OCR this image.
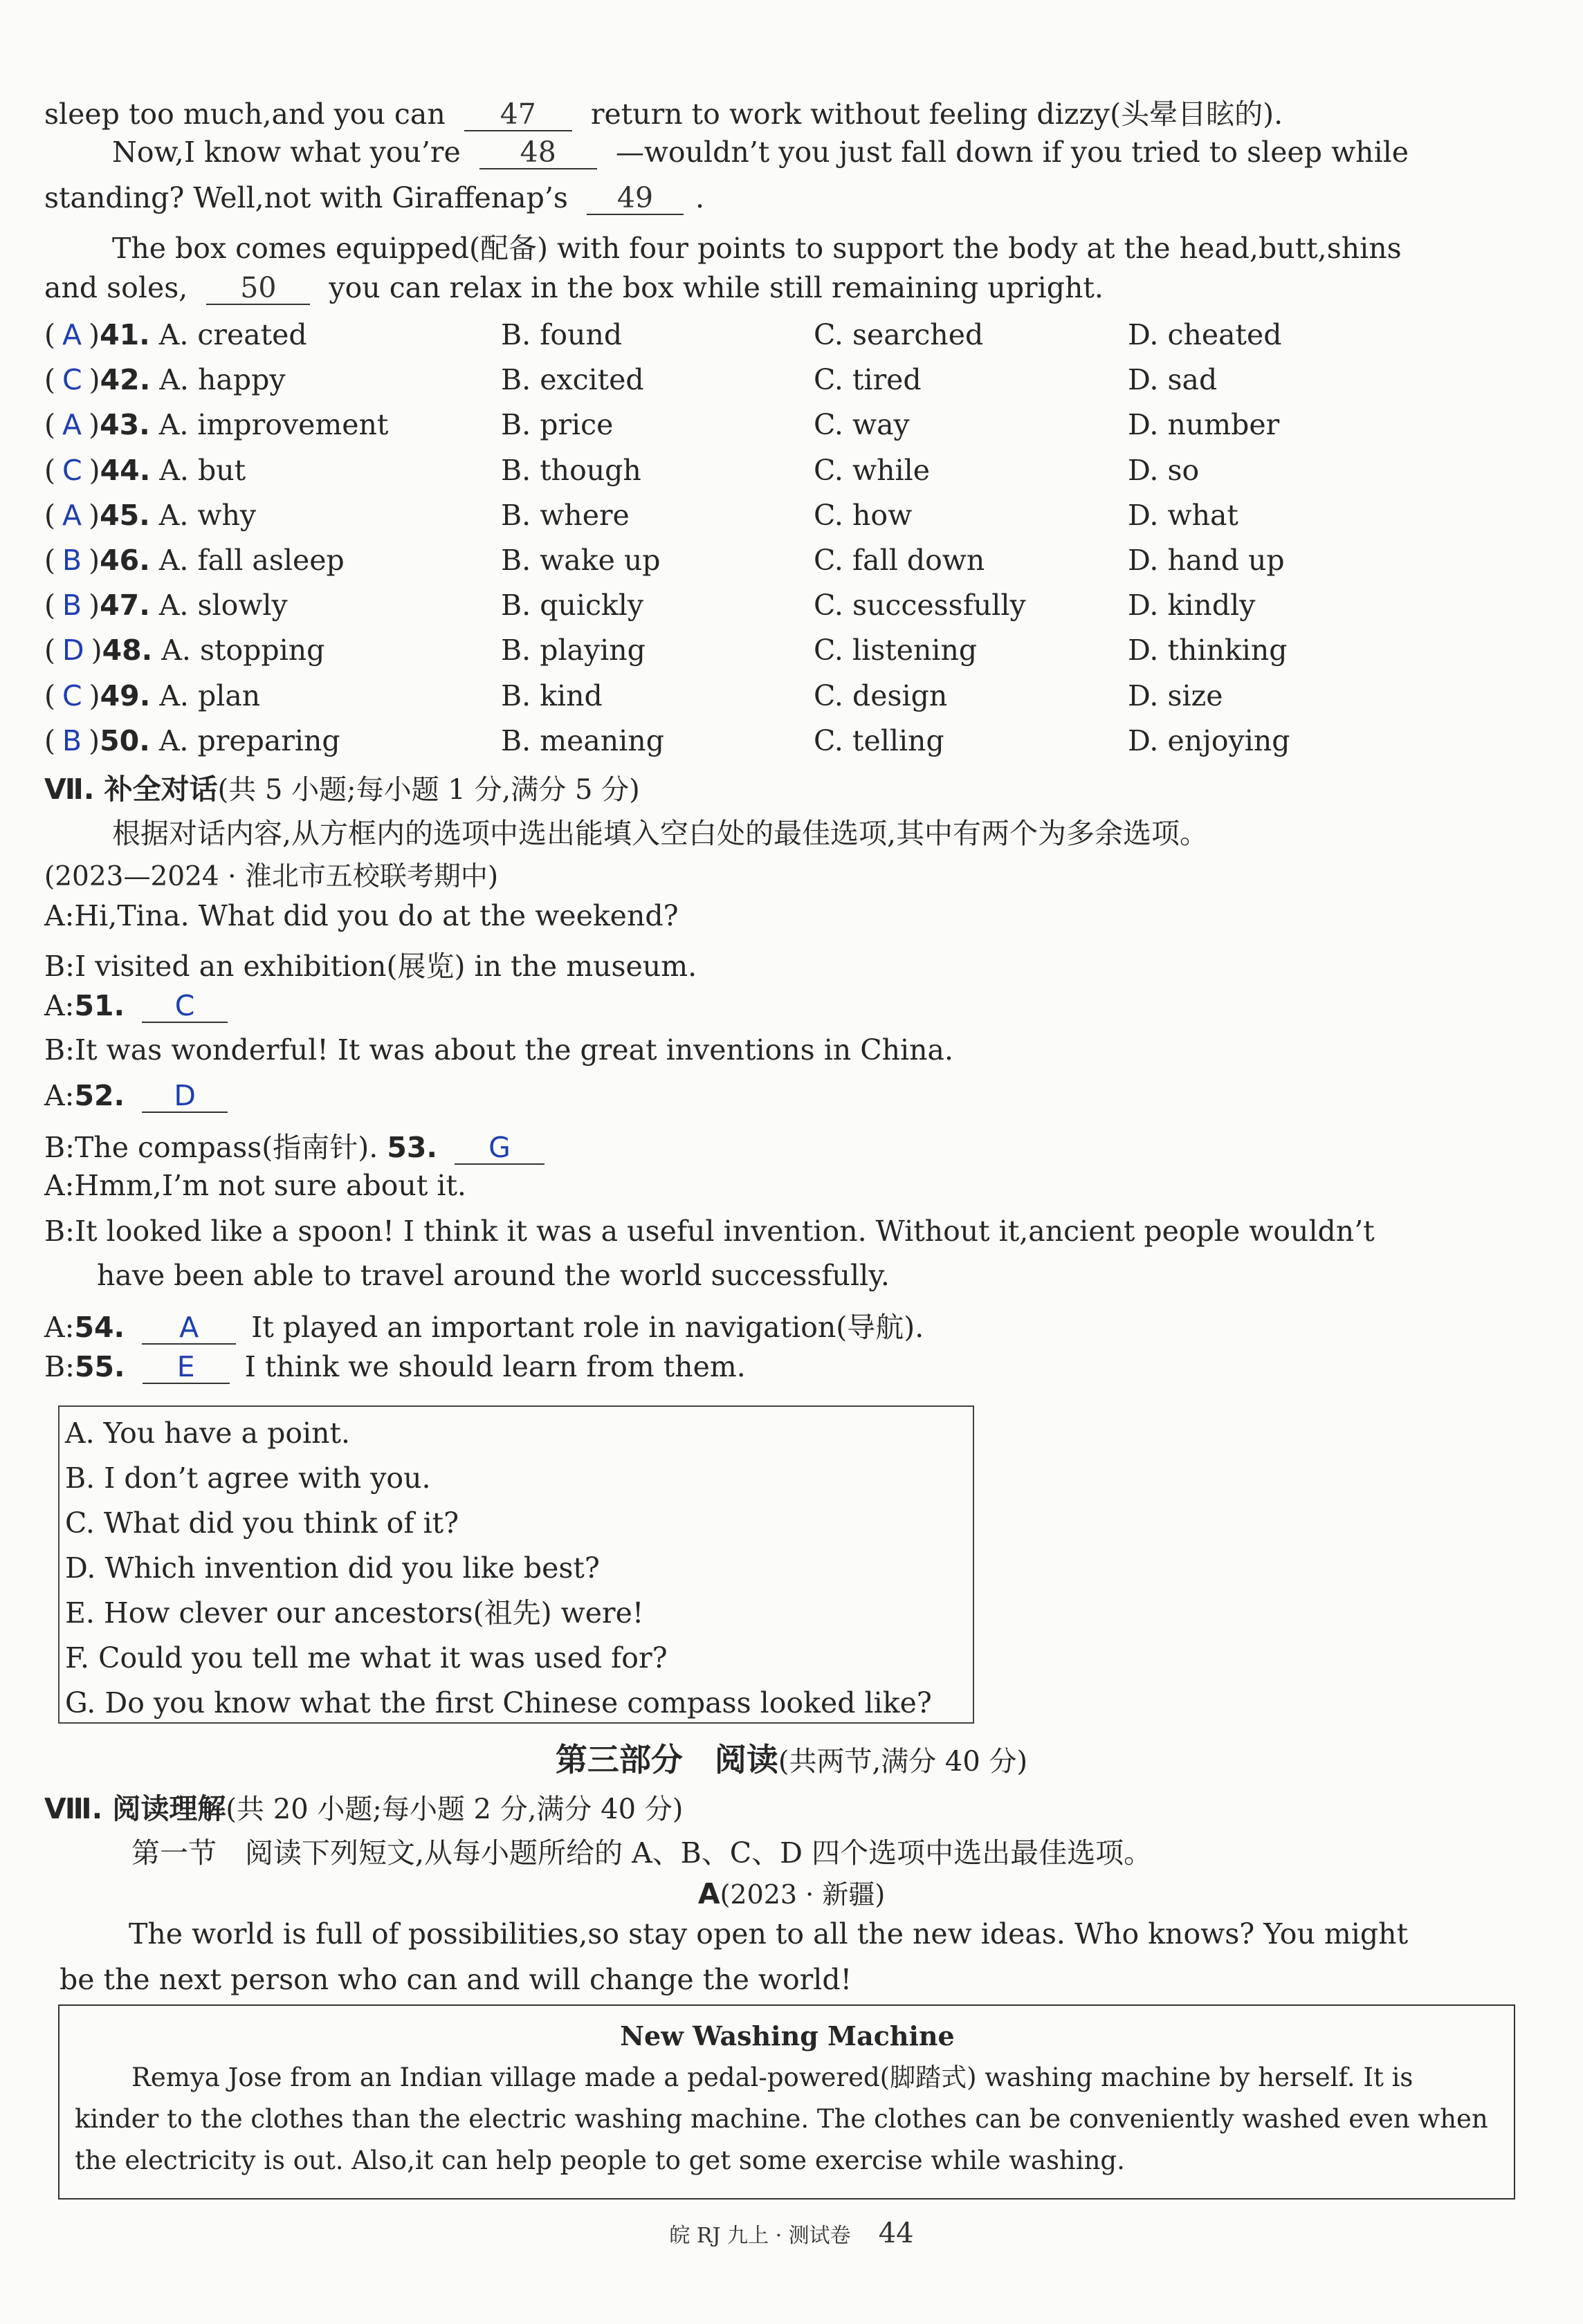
sleep too much,and you can 47 return to work without feeling dizzy(头晕目眩的).
Now,I know what you’re 48 —wouldn’t you just fall down if you tried to sleep while
standing? Well,not with Giraffenap’s 49 .
The box comes equipped(配备) with four points to support the body at the head,butt,shins
and soles, 50 you can relax in the box while still remaining upright.
( A )41. A. created	B. found	C. searched	D. cheated
( C )42. A. happy	B. excited	C. tired	D. sad
( A )43. A. improvement	B. price	C. way	D. number
( C )44. A. but	B. though	C. while	D. so
( A )45. A. why	B. where	C. how	D. what
( B )46. A. fall asleep	B. wake up	C. fall down	D. hand up
( B )47. A. slowly	B. quickly	C. successfully	D. kindly
( D )48. A. stopping	B. playing	C. listening	D. thinking
( C )49. A. plan	B. kind	C. design	D. size
( B )50. A. preparing	B. meaning	C. telling	D. enjoying
Ⅶ. 补全对话(共 5 小题;每小题 1 分,满分 5 分)
根据对话内容,从方框内的选项中选出能填入空白处的最佳选项,其中有两个为多余选项。
(2023—2024 · 淮北市五校联考期中)
A:Hi,Tina. What did you do at the weekend?
B:I visited an exhibition(展览) in the museum.
A:51. C
B:It was wonderful! It was about the great inventions in China.
A:52. D
B:The compass(指南针). 53. G
A:Hmm,I’m not sure about it.
B:It looked like a spoon! I think it was a useful invention. Without it,ancient people wouldn’t
have been able to travel around the world successfully.
A:54. A It played an important role in navigation(导航).
B:55. E I think we should learn from them.
A. You have a point.
B. I don’t agree with you.
C. What did you think of it?
D. Which invention did you like best?
E. How clever our ancestors(祖先) were!
F. Could you tell me what it was used for?
G. Do you know what the first Chinese compass looked like?
第三部分　阅读(共两节,满分 40 分)
Ⅷ. 阅读理解(共 20 小题;每小题 2 分,满分 40 分)
第一节　阅读下列短文,从每小题所给的 A、B、C、D 四个选项中选出最佳选项。
A(2023 · 新疆)
The world is full of possibilities,so stay open to all the new ideas. Who knows? You might
be the next person who can and will change the world!
New Washing Machine
Remya Jose from an Indian village made a pedal-powered(脚踏式) washing machine by herself. It is
kinder to the clothes than the electric washing machine. The clothes can be conveniently washed even when
the electricity is out. Also,it can help people to get some exercise while washing.
皖 RJ 九上 · 测试卷 44
